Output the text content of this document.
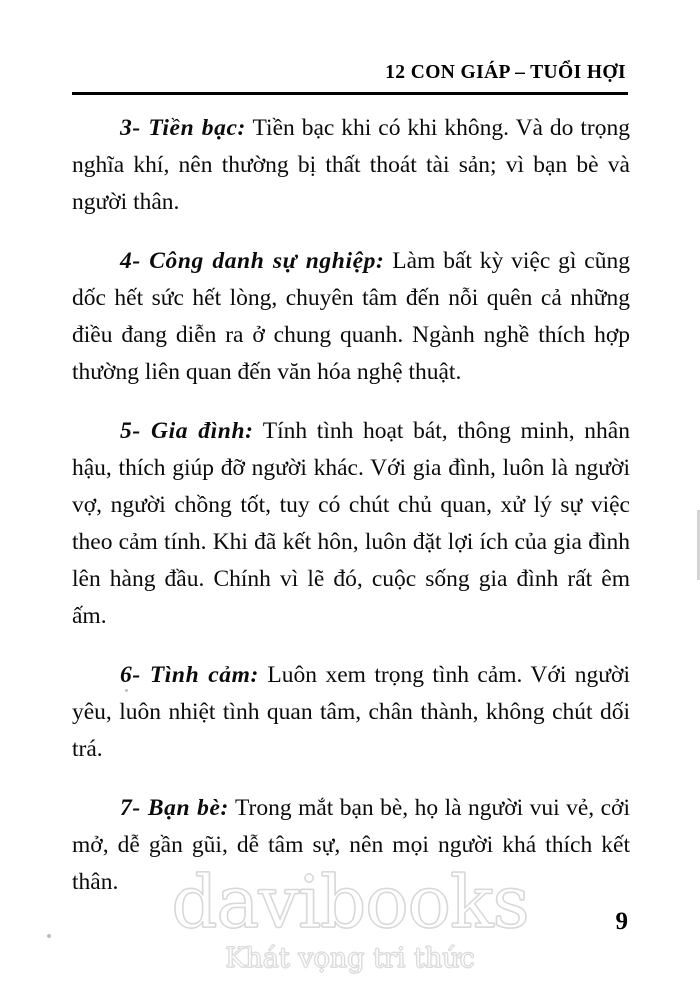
12 CON GIÁP – TUỔI HỢI

3- Tiền bạc: Tiền bạc khi có khi không. Và do trọng nghĩa khí, nên thường bị thất thoát tài sản; vì bạn bè và người thân.

4- Công danh sự nghiệp: Làm bất kỳ việc gì cũng dốc hết sức hết lòng, chuyên tâm đến nỗi quên cả những điều đang diễn ra ở chung quanh. Ngành nghề thích hợp thường liên quan đến văn hóa nghệ thuật.

5- Gia đình: Tính tình hoạt bát, thông minh, nhân hậu, thích giúp đỡ người khác. Với gia đình, luôn là người vợ, người chồng tốt, tuy có chút chủ quan, xử lý sự việc theo cảm tính. Khi đã kết hôn, luôn đặt lợi ích của gia đình lên hàng đầu. Chính vì lẽ đó, cuộc sống gia đình rất êm ấm.

6- Tình cảm: Luôn xem trọng tình cảm. Với người yêu, luôn nhiệt tình quan tâm, chân thành, không chút dối trá.

7- Bạn bè: Trong mắt bạn bè, họ là người vui vẻ, cởi mở, dễ gần gũi, dễ tâm sự, nên mọi người khá thích kết thân. davibooks
Khát vọng tri thức
9
